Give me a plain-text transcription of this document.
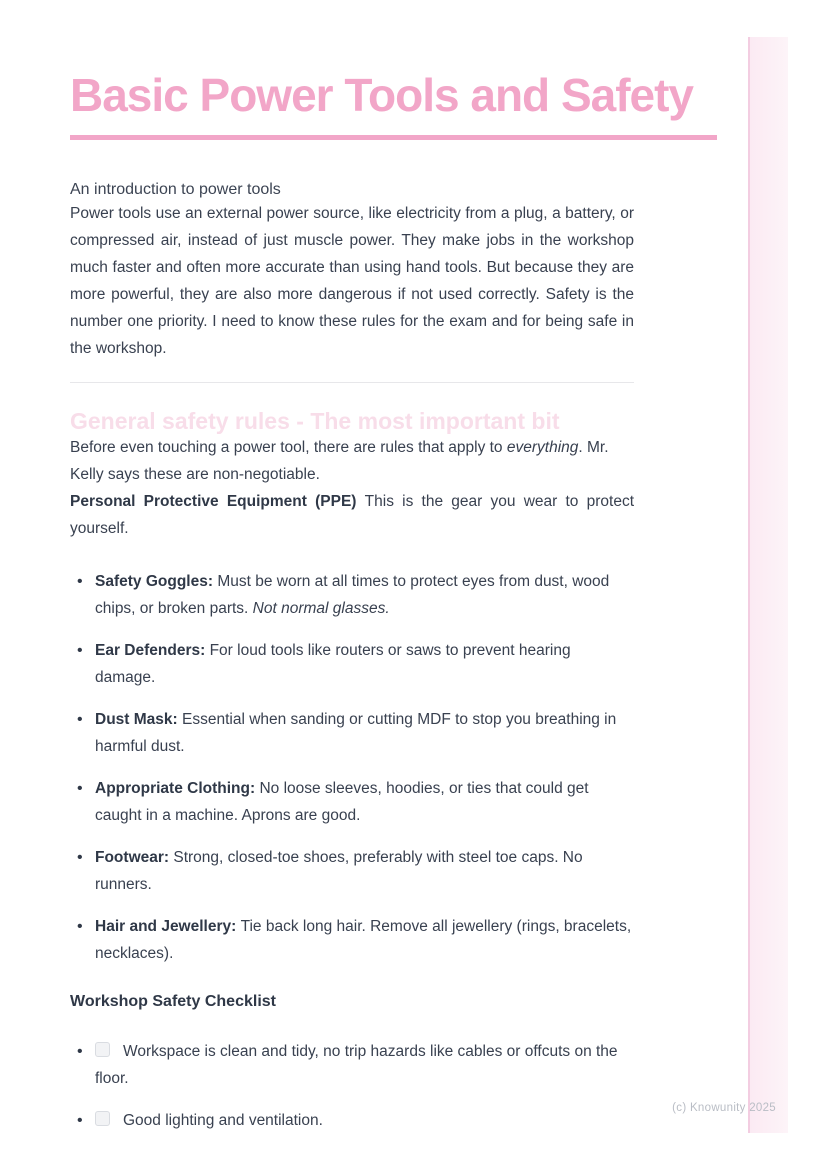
Basic Power Tools and Safety

An introduction to power tools

Power tools use an external power source, like electricity from a plug, a battery, or compressed air, instead of just muscle power. They make jobs in the workshop much faster and often more accurate than using hand tools. But because they are more powerful, they are also more dangerous if not used correctly. Safety is the number one priority. I need to know these rules for the exam and for being safe in the workshop.

General safety rules - The most important bit

Before even touching a power tool, there are rules that apply to everything. Mr. Kelly says these are non-negotiable.

Personal Protective Equipment (PPE) This is the gear you wear to protect yourself.

• Safety Goggles: Must be worn at all times to protect eyes from dust, wood chips, or broken parts. Not normal glasses.
• Ear Defenders: For loud tools like routers or saws to prevent hearing damage.
• Dust Mask: Essential when sanding or cutting MDF to stop you breathing in harmful dust.
• Appropriate Clothing: No loose sleeves, hoodies, or ties that could get caught in a machine. Aprons are good.
• Footwear: Strong, closed-toe shoes, preferably with steel toe caps. No runners.
• Hair and Jewellery: Tie back long hair. Remove all jewellery (rings, bracelets, necklaces).
Workshop Safety Checklist
• Workspace is clean and tidy, no trip hazards like cables or offcuts on the floor.
• Good lighting and ventilation.
(c) Knowunity 2025
